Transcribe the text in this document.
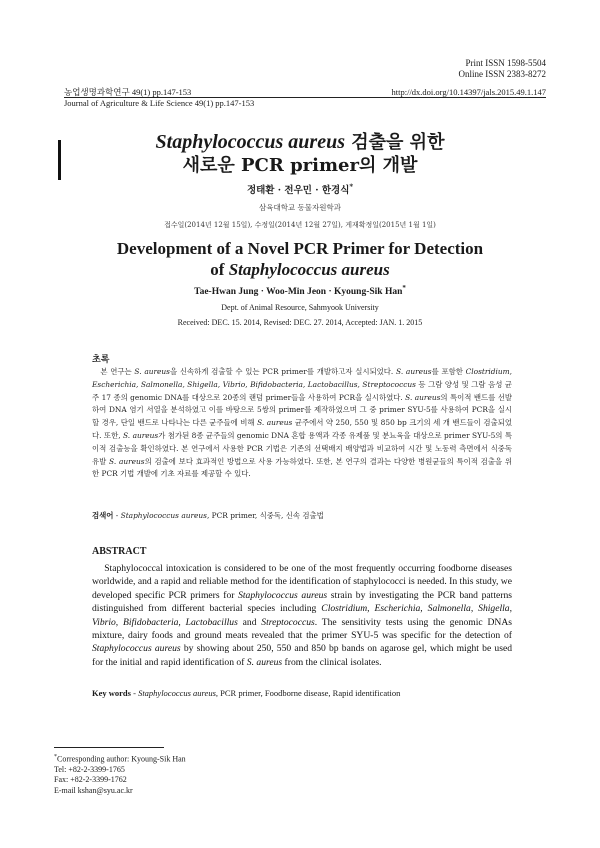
Print ISSN 1598-5504
Online ISSN 2383-8272
농업생명과학연구 49(1) pp.147-153
Journal of Agriculture & Life Science 49(1) pp.147-153
http://dx.doi.org/10.14397/jals.2015.49.1.147
Staphylococcus aureus 검출을 위한
새로운 PCR primer의 개발
정태환 · 전우민 · 한경식*
삼육대학교 동물자원학과
접수일(2014년 12월 15일), 수정일(2014년 12월 27일), 게재확정일(2015년 1월 1일)
Development of a Novel PCR Primer for Detection
of Staphylococcus aureus
Tae-Hwan Jung · Woo-Min Jeon · Kyoung-Sik Han*
Dept. of Animal Resource, Sahmyook University
Received: DEC. 15. 2014, Revised: DEC. 27. 2014, Accepted: JAN. 1. 2015
초록
본 연구는 S. aureus을 신속하게 검출할 수 있는 PCR primer를 개발하고자 실시되었다. S. aureus를 포함한 Clostridium, Escherichia, Salmonella, Shigella, Vibrio, Bifidobacteria, Lactobacillus, Streptococcus 등 그람 양성 및 그람 음성 균주 17 종의 genomic DNA를 대상으로 20종의 랜덤 primer들을 사용하여 PCR을 실시하였다. S. aureus의 특이적 밴드를 선발하여 DNA 염기 서열을 분석하였고 이를 바탕으로 5쌍의 primer를 제작하였으며 그 중 primer SYU-5를 사용하여 PCR을 실시할 경우, 단일 밴드로 나타나는 다른 균주들에 비해 S. aureus 균주에서 약 250, 550 및 850 bp 크기의 세 개 밴드들이 검출되었다. 또한, S. aureus가 첨가된 8종 균주들의 genomic DNA 혼합 용액과 각종 유제품 및 분뇨육을 대상으로 primer SYU-5의 특이적 검출능을 확인하였다. 본 연구에서 사용한 PCR 기법은 기존의 선택배지 배양법과 비교하여 시간 및 노동력 측면에서 식중독 유발 S. aureus의 검출에 보다 효과적인 방법으로 사용 가능하였다. 또한, 본 연구의 결과는 다양한 병원균들의 특이적 검출을 위한 PCR 기법 개발에 기초 자료를 제공할 수 있다.
검색어 - Staphylococcus aureus, PCR primer, 식중독, 신속 검출법
ABSTRACT
Staphylococcal intoxication is considered to be one of the most frequently occurring foodborne diseases worldwide, and a rapid and reliable method for the identification of staphylococci is needed. In this study, we developed specific PCR primers for Staphylococcus aureus strain by investigating the PCR band patterns distinguished from different bacterial species including Clostridium, Escherichia, Salmonella, Shigella, Vibrio, Bifidobacteria, Lactobacillus and Streptococcus. The sensitivity tests using the genomic DNAs mixture, dairy foods and ground meats revealed that the primer SYU-5 was specific for the detection of Staphylococcus aureus by showing about 250, 550 and 850 bp bands on agarose gel, which might be used for the initial and rapid identification of S. aureus from the clinical isolates.
Key words - Staphylococcus aureus, PCR primer, Foodborne disease, Rapid identification
*Corresponding author: Kyoung-Sik Han
Tel: +82-2-3399-1765
Fax: +82-2-3399-1762
E-mail kshan@syu.ac.kr
